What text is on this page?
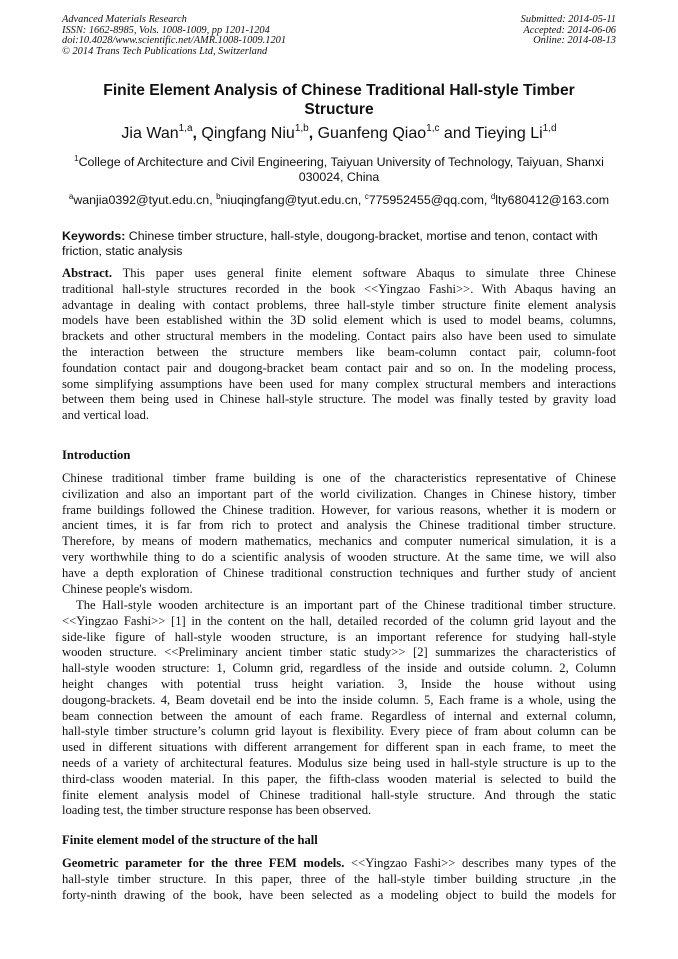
Advanced Materials Research
ISSN: 1662-8985, Vols. 1008-1009, pp 1201-1204
doi:10.4028/www.scientific.net/AMR.1008-1009.1201
© 2014 Trans Tech Publications Ltd, Switzerland
Submitted: 2014-05-11
Accepted: 2014-06-06
Online: 2014-08-13
Finite Element Analysis of Chinese Traditional Hall-style Timber
Structure
Jia Wan$^{1,a}$, Qingfang Niu$^{1,b}$, Guanfeng Qiao$^{1,c}$ and Tieying Li$^{1,d}$
$^1$College of Architecture and Civil Engineering, Taiyuan University of Technology, Taiyuan, Shanxi
030024, China
$^a$wanjia0392@tyut.edu.cn, $^b$niuqingfang@tyut.edu.cn, $^c$775952455@qq.com, $^d$lty680412@163.com
Keywords: Chinese timber structure, hall-style, dougong-bracket, mortise and tenon, contact with
friction, static analysis
Abstract. This paper uses general finite element software Abaqus to simulate three Chinese
traditional hall-style structures recorded in the book <<Yingzao Fashi>>. With Abaqus having an
advantage in dealing with contact problems, three hall-style timber structure finite element analysis
models have been established within the 3D solid element which is used to model beams, columns,
brackets and other structural members in the modeling. Contact pairs also have been used to simulate
the interaction between the structure members like beam-column contact pair, column-foot
foundation contact pair and dougong-bracket beam contact pair and so on. In the modeling process,
some simplifying assumptions have been used for many complex structural members and interactions
between them being used in Chinese hall-style structure. The model was finally tested by gravity load
and vertical load.
Introduction
Chinese traditional timber frame building is one of the characteristics representative of Chinese
civilization and also an important part of the world civilization. Changes in Chinese history, timber
frame buildings followed the Chinese tradition. However, for various reasons, whether it is modern or
ancient times, it is far from rich to protect and analysis the Chinese traditional timber structure.
Therefore, by means of modern mathematics, mechanics and computer numerical simulation, it is a
very worthwhile thing to do a scientific analysis of wooden structure. At the same time, we will also
have a depth exploration of Chinese traditional construction techniques and further study of ancient
Chinese people's wisdom.
The Hall-style wooden architecture is an important part of the Chinese traditional timber structure.
<<Yingzao Fashi>> [1] in the content on the hall, detailed recorded of the column grid layout and the
side-like figure of hall-style wooden structure, is an important reference for studying hall-style
wooden structure. <<Preliminary ancient timber static study>> [2] summarizes the characteristics of
hall-style wooden structure: 1, Column grid, regardless of the inside and outside column. 2, Column
height changes with potential truss height variation. 3, Inside the house without using
dougong-brackets. 4, Beam dovetail end be into the inside column. 5, Each frame is a whole, using the
beam connection between the amount of each frame. Regardless of internal and external column,
hall-style timber structure’s column grid layout is flexibility. Every piece of fram about column can be
used in different situations with different arrangement for different span in each frame, to meet the
needs of a variety of architectural features. Modulus size being used in hall-style structure is up to the
third-class wooden material. In this paper, the fifth-class wooden material is selected to build the
finite element analysis model of Chinese traditional hall-style structure. And through the static
loading test, the timber structure response has been observed.
Finite element model of the structure of the hall
Geometric parameter for the three FEM models. <<Yingzao Fashi>> describes many types of the
hall-style timber structure. In this paper, three of the hall-style timber building structure ,in the
forty-ninth drawing of the book, have been selected as a modeling object to build the models for
